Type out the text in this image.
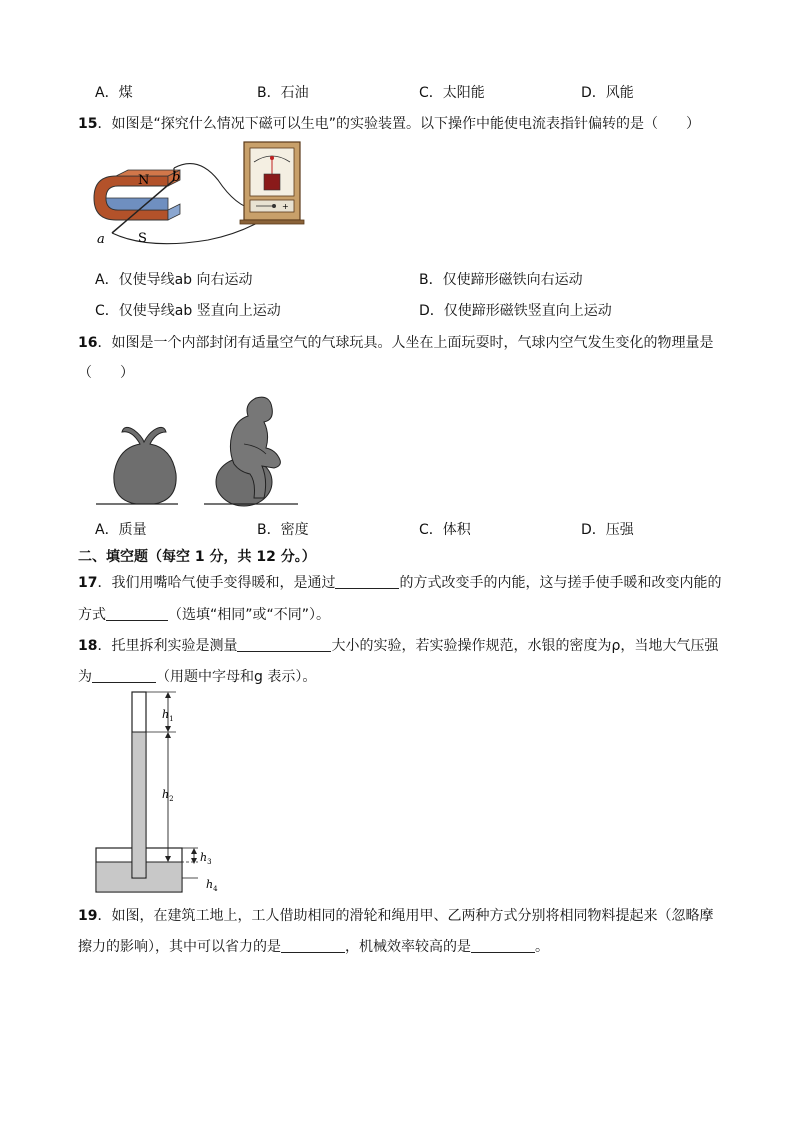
A．煤	B．石油	C．太阳能	D．风能
15．如图是“探究什么情况下磁可以生电”的实验装置。以下操作中能使电流表指针偏转的是（　　）
N
S
a
b
+
A．仅使导线ab 向右运动	B．仅使蹄形磁铁向右运动
C．仅使导线ab 竖直向上运动	D．仅使蹄形磁铁竖直向上运动
16．如图是一个内部封闭有适量空气的气球玩具。人坐在上面玩耍时，气球内空气发生变化的物理量是
（　　）
A．质量	B．密度	C．体积	D．压强
二、填空题（每空 1 分，共 12 分。）
17．我们用嘴哈气使手变得暖和，是通过	的方式改变手的内能，这与搓手使手暖和改变内能的
方式	（选填“相同”或“不同”）。
18．托里拆利实验是测量	大小的实验，若实验操作规范，水银的密度为ρ，当地大气压强
为	（用题中字母和g 表示）。
$h_1$
$h_2$
$h_3$
$h_4$
19．如图，在建筑工地上，工人借助相同的滑轮和绳用甲、乙两种方式分别将相同物料提起来（忽略摩
擦力的影响），其中可以省力的是	，机械效率较高的是	。
